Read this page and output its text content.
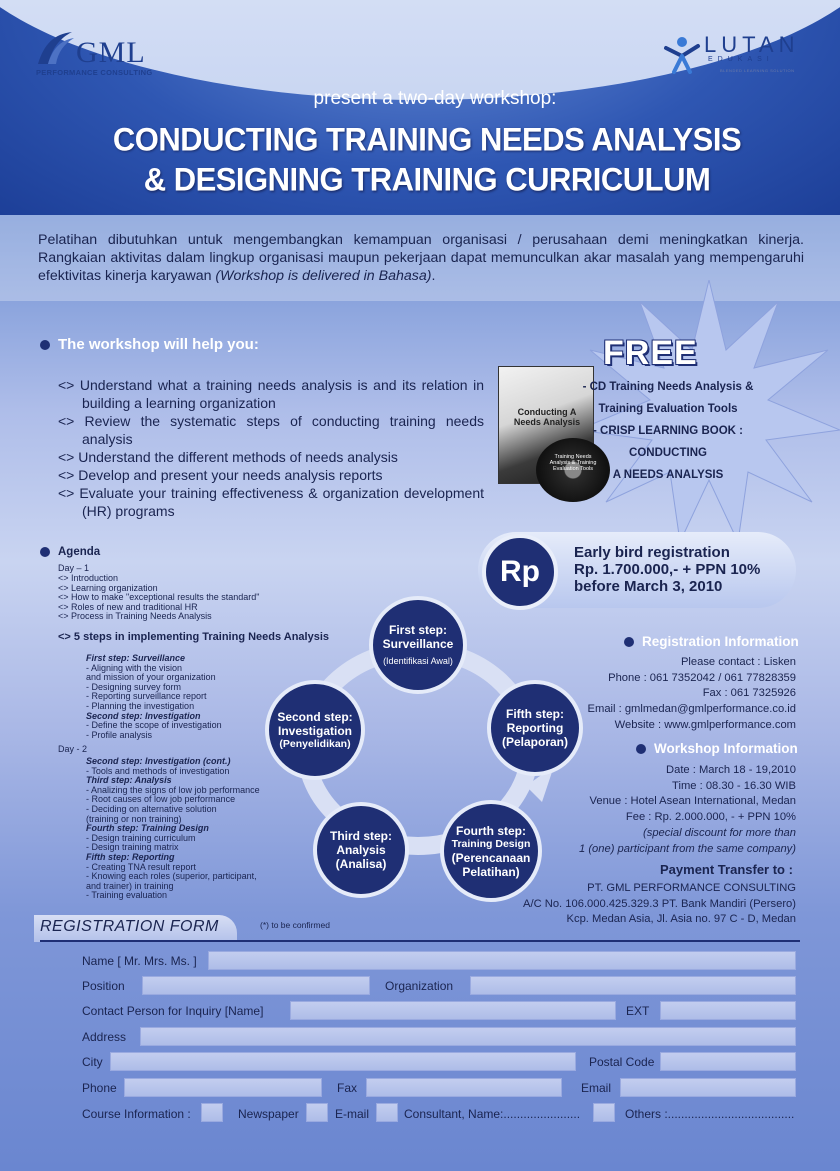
GML
PERFORMANCE CONSULTING
LUTAN
EDUKASI
BLENDED LEARNING SOLUTION
present a two-day workshop:
CONDUCTING TRAINING NEEDS ANALYSIS
& DESIGNING TRAINING CURRICULUM

Pelatihan dibutuhkan untuk mengembangkan kemampuan organisasi / perusahaan demi meningkatkan kinerja. Rangkaian aktivitas dalam lingkup organisasi maupun pekerjaan dapat memunculkan akar masalah yang mempengaruhi efektivitas kinerja karyawan (Workshop is delivered in Bahasa).

The workshop will help you:
<> Understand what a training needs analysis is and its relation in building a learning organization
<> Review the systematic steps of conducting training needs analysis
<> Understand the different methods of needs analysis
<> Develop and present your needs analysis reports
<> Evaluate your training effectiveness & organization development (HR) programs
FREE
Conducting A Needs Analysis
Training Needs Analysis & Training Evaluation Tools
- CD Training Needs Analysis &
Training Evaluation Tools
- CRISP LEARNING BOOK :
CONDUCTING
A NEEDS ANALYSIS
Agenda
Day – 1
<> Introduction
<> Learning organization
<> How to make "exceptional results the standard"
<> Roles of new and traditional HR
<> Process in Training Needs Analysis
<> 5 steps in implementing Training Needs Analysis
First step: Surveillance
- Aligning with the vision
and mission of your organization
- Designing survey form
- Reporting surveillance report
- Planning the investigation
Second step: Investigation
- Define the scope of investigation
- Profile analysis
Day - 2
Second step: Investigation (cont.)
- Tools and methods of investigation
Third step: Analysis
- Analizing the signs of low job performance
- Root causes of low job performance
- Deciding on alternative solution
(training or non training)
Fourth step: Training Design
- Design training curriculum
- Design training matrix
Fifth step: Reporting
- Creating TNA result report
- Knowing each roles (superior, participant,
and trainer) in training
- Training evaluation
First step:
Surveillance
(Identifikasi Awal)
Fifth step:
Reporting
(Pelaporan)
Fourth step:
Training Design
(Perencanaan Pelatihan)
Third step:
Analysis
(Analisa)
Second step:
Investigation
(Penyelidikan)
Rp
Early bird registration
Rp. 1.700.000,- + PPN 10%
before March 3, 2010
Registration Information
Please contact : Lisken
Phone : 061 7352042 / 061 77828359
Fax : 061 7325926
Email : gmlmedan@gmlperformance.co.id
Website : www.gmlperformance.com
Workshop Information
Date : March 18 - 19,2010
Time : 08.30 - 16.30 WIB
Venue : Hotel Asean International, Medan
Fee : Rp. 2.000.000, - + PPN 10%
(special discount for more than
1 (one) participant from the same company)
Payment Transfer to :
PT. GML PERFORMANCE CONSULTING
A/C No. 106.000.425.329.3 PT. Bank Mandiri (Persero)
Kcp. Medan Asia, Jl. Asia no. 97 C - D, Medan
REGISTRATION FORM	(*) to be confirmed
Name [ Mr. Mrs. Ms. ]
Position	Organization
Contact Person for Inquiry [Name]	EXT
Address
City	Postal Code
Phone	Fax	Email
Course Information :	Newspaper	E-mail	Consultant, Name:.......................	Others :......................................
